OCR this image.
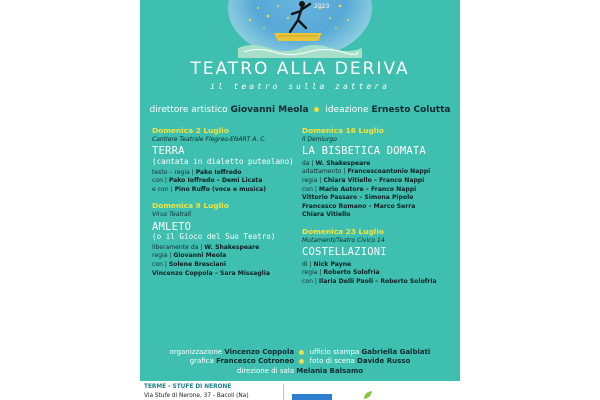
2023
TEATRO ALLA DERIVA
il teatro sulla zattera
direttore artistico Giovanni Meola ideazione Ernesto Colutta
Domenica 2 Luglio
Cantiere Teatrale Flegreo-ENART A. C.
TERRA
(cantata in dialetto puteolano)
testo – regia | Pako Ioffredo
con | Pako Ioffredo – Demi Licata
e con | Pino Ruffo (voce e musica)
Domenica 9 Luglio
Virus Teatrali
AMLETO
(o il Gioco del Suo Teatro)
liberamente da | W. Shakespeare
regia | Giovanni Meola
con | Solene Bresciani
Vincenzo Coppola – Sara Missaglia
Domenica 16 Luglio
Il Demiurgo
LA BISBETICA DOMATA
da | W. Shakespeare
adattamento | Francescoantonio Nappi
regia | Chiara Vitiello – Franco Nappi
con | Mario Autore – Franco Nappi
Vittorio Passaro – Simona Pipolo
Francesco Romano – Marco Serra
Chiara Vitiello
Domenica 23 Luglio
Mutamenti/Teatro Civico 14
COSTELLAZIONI
di | Nick Payne
regia | Roberto Solofria
con | Ilaria Delli Paoli – Roberto Solofria
organizzazione Vincenzo Coppola ufficio stampa Gabriella Galbiati
grafica Francesco Cotroneo foto di scena Davide Russo
direzione di sala Melania Balsamo
TERME - STUFE DI NERONE
Via Stufe di Nerone, 37 - Bacoli (Na)
